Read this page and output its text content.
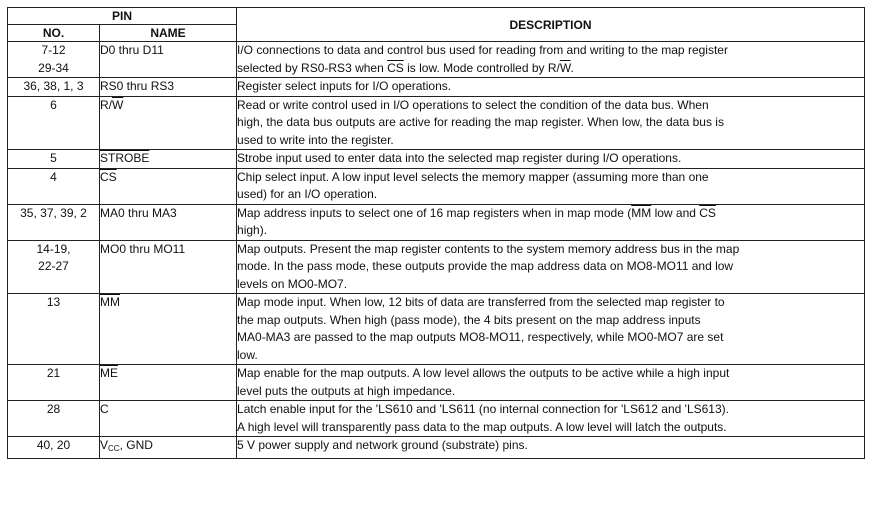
PIN		DESCRIPTION
NO.	NAME	

7-12
29-34	D0 thru D11	I/O connections to data and control bus used for reading from and writing to the map register
selected by RS0-RS3 when $\overline{CS}$ is low. Mode controlled by $R/\overline{W}$.

36, 38, 1, 3	RS0 thru RS3	Register select inputs for I/O operations.

6	$R/\overline{W}$	Read or write control used in I/O operations to select the condition of the data bus. When
high, the data bus outputs are active for reading the map register. When low, the data bus is
used to write into the register.

5	STROBE	Strobe input used to enter data into the selected map register during I/O operations.

4	$\overline{CS}$	Chip select input. A low input level selects the memory mapper (assuming more than one
used) for an I/O operation.

35, 37, 39, 2	MA0 thru MA3	Map address inputs to select one of 16 map registers when in map mode ($\overline{MM}$ low and $\overline{CS}$
high).

14-19,
22-27	MO0 thru MO11	Map outputs. Present the map register contents to the system memory address bus in the map
mode. In the pass mode, these outputs provide the map address data on MO8-MO11 and low
levels on MO0-MO7.

13	$\overline{MM}$	Map mode input. When low, 12 bits of data are transferred from the selected map register to
the map outputs. When high (pass mode), the 4 bits present on the map address inputs
MA0-MA3 are passed to the map outputs MO8-MO11, respectively, while MO0-MO7 are set
low.

21	$\overline{ME}$	Map enable for the map outputs. A low level allows the outputs to be active while a high input
level puts the outputs at high impedance.

28	C	Latch enable input for the 'LS610 and 'LS611 (no internal connection for 'LS612 and 'LS613).
A high level will transparently pass data to the map outputs. A low level will latch the outputs.

40, 20	$V_{CC}$, GND	5 V power supply and network ground (substrate) pins.
